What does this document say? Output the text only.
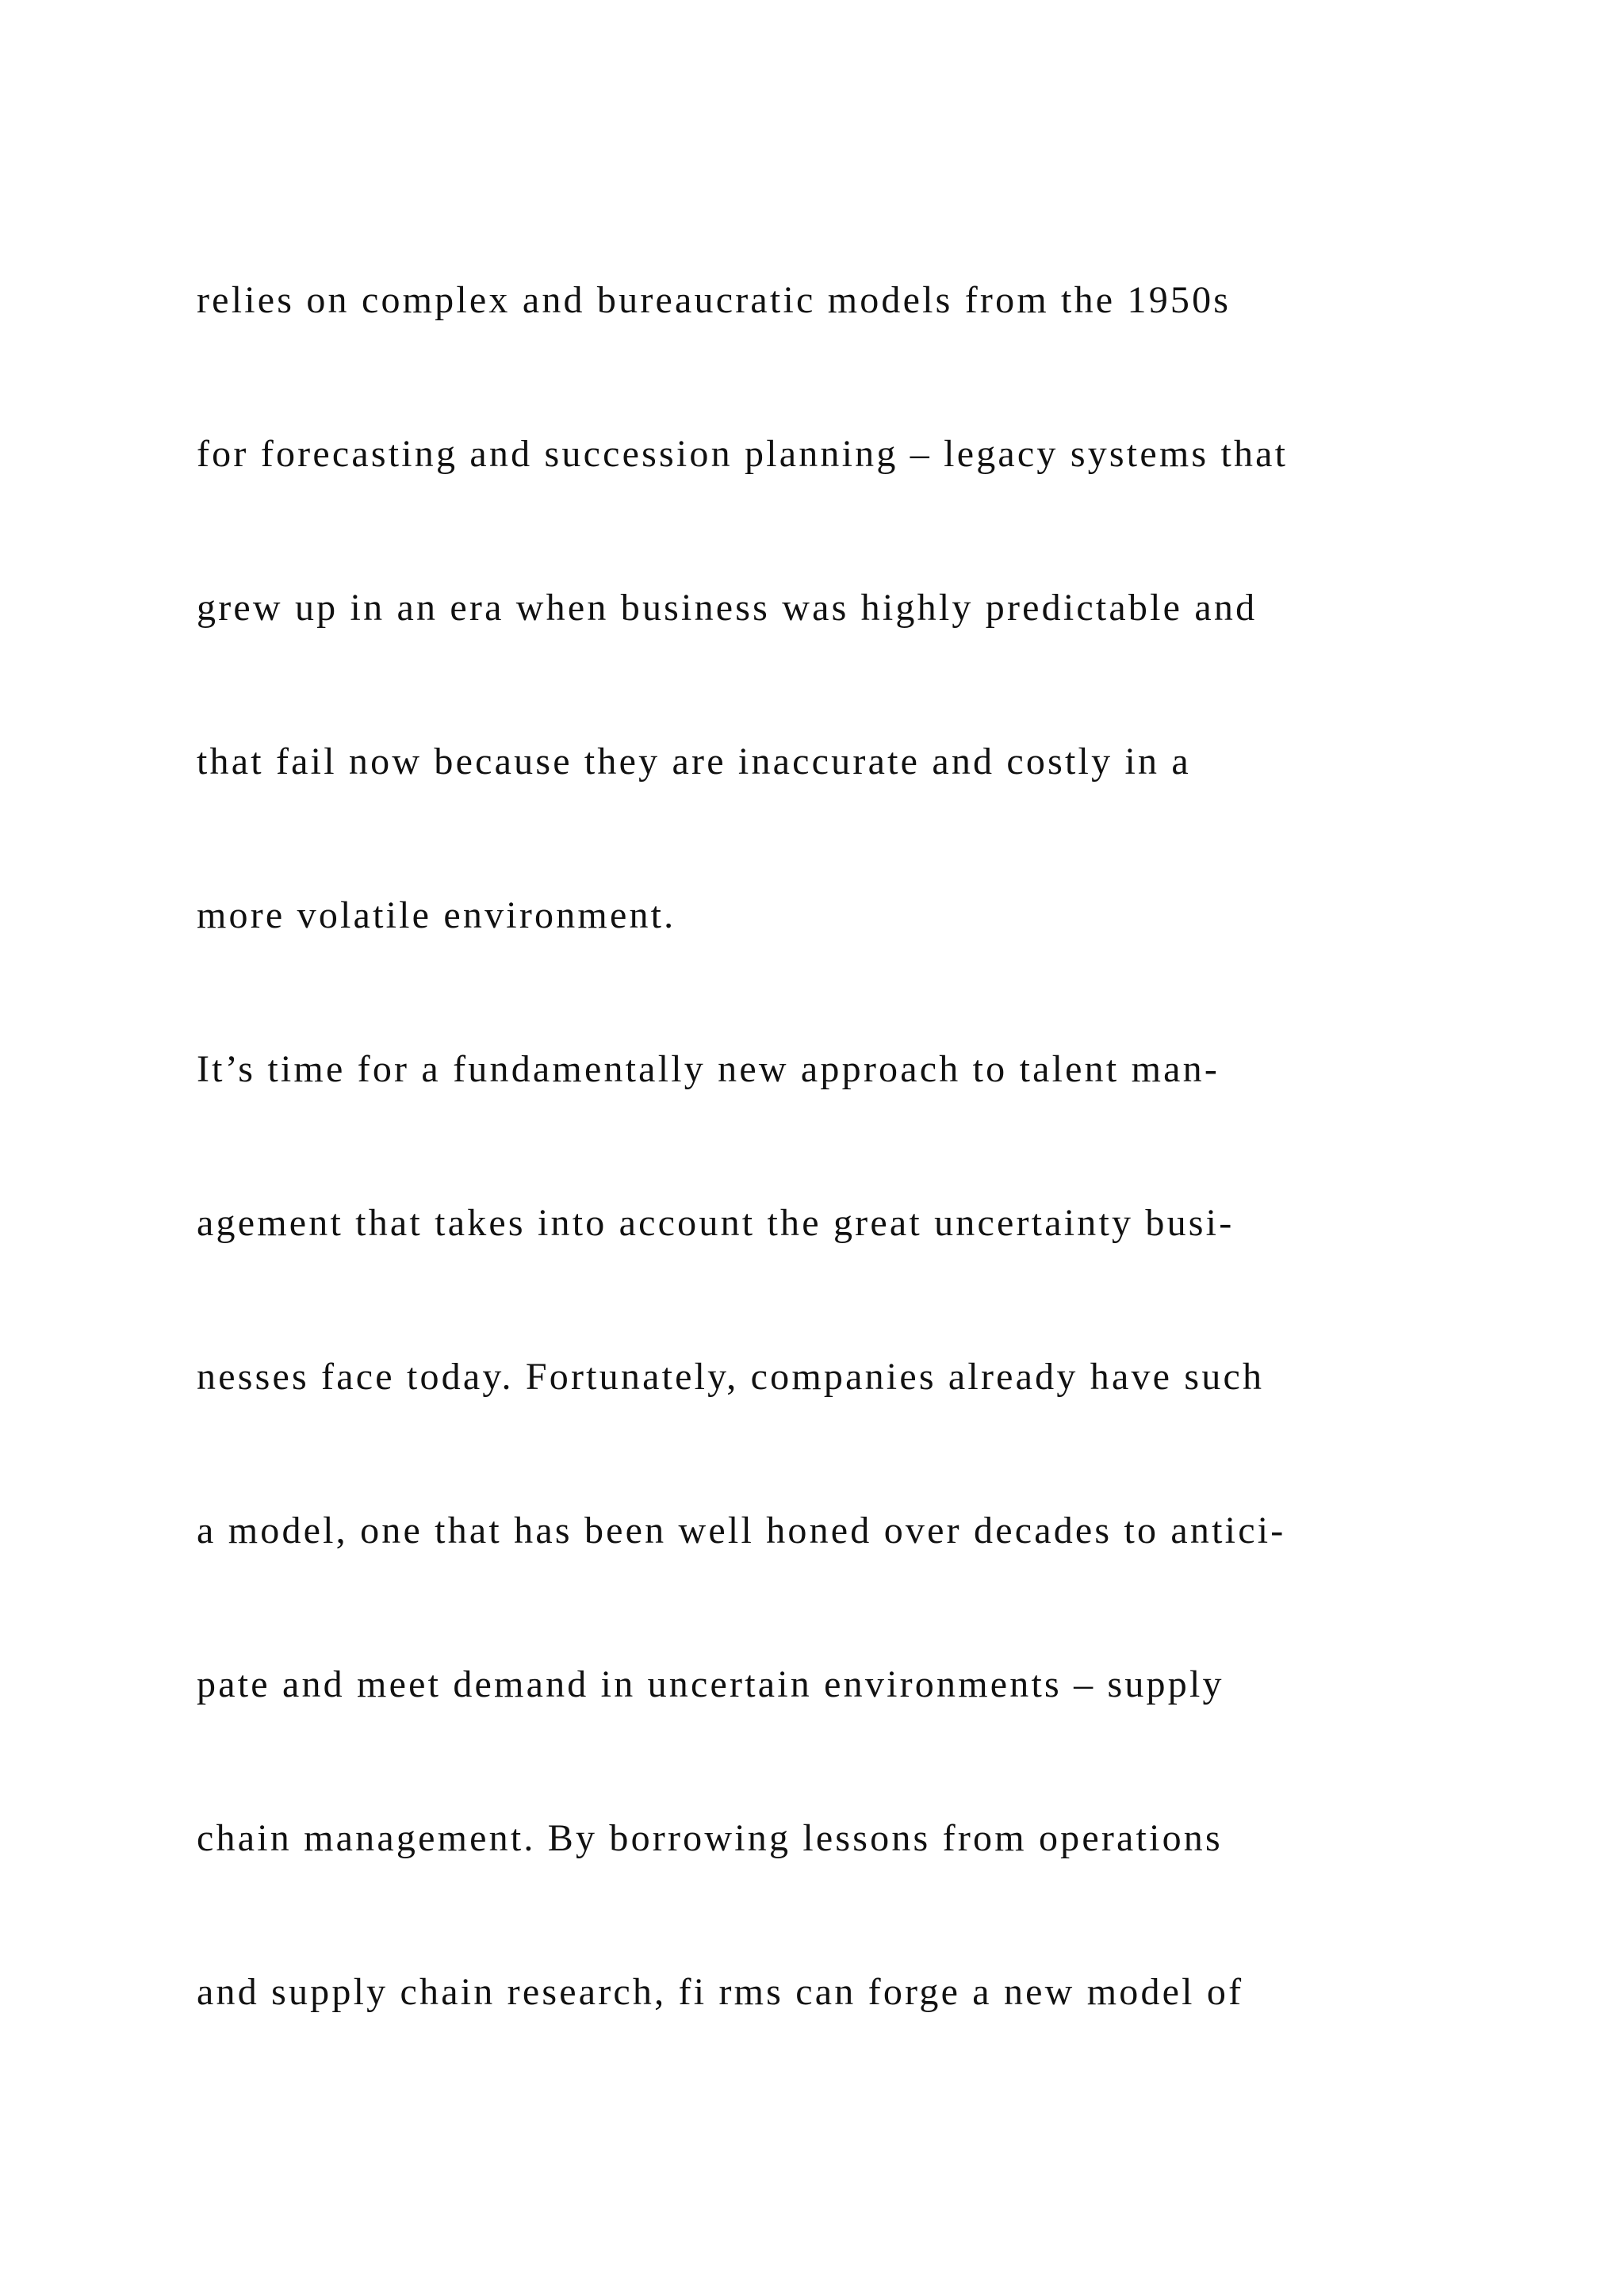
relies on complex and bureaucratic models from the 1950s
for forecasting and succession planning – legacy systems that
grew up in an era when business was highly predictable and
that fail now because they are inaccurate and costly in a
more volatile environment.
It’s time for a fundamentally new approach to talent man-
agement that takes into account the great uncertainty busi-
nesses face today. Fortunately, companies already have such
a model, one that has been well honed over decades to antici-
pate and meet demand in uncertain environments – supply
chain management. By borrowing lessons from operations
and supply chain research, fi rms can forge a new model of
